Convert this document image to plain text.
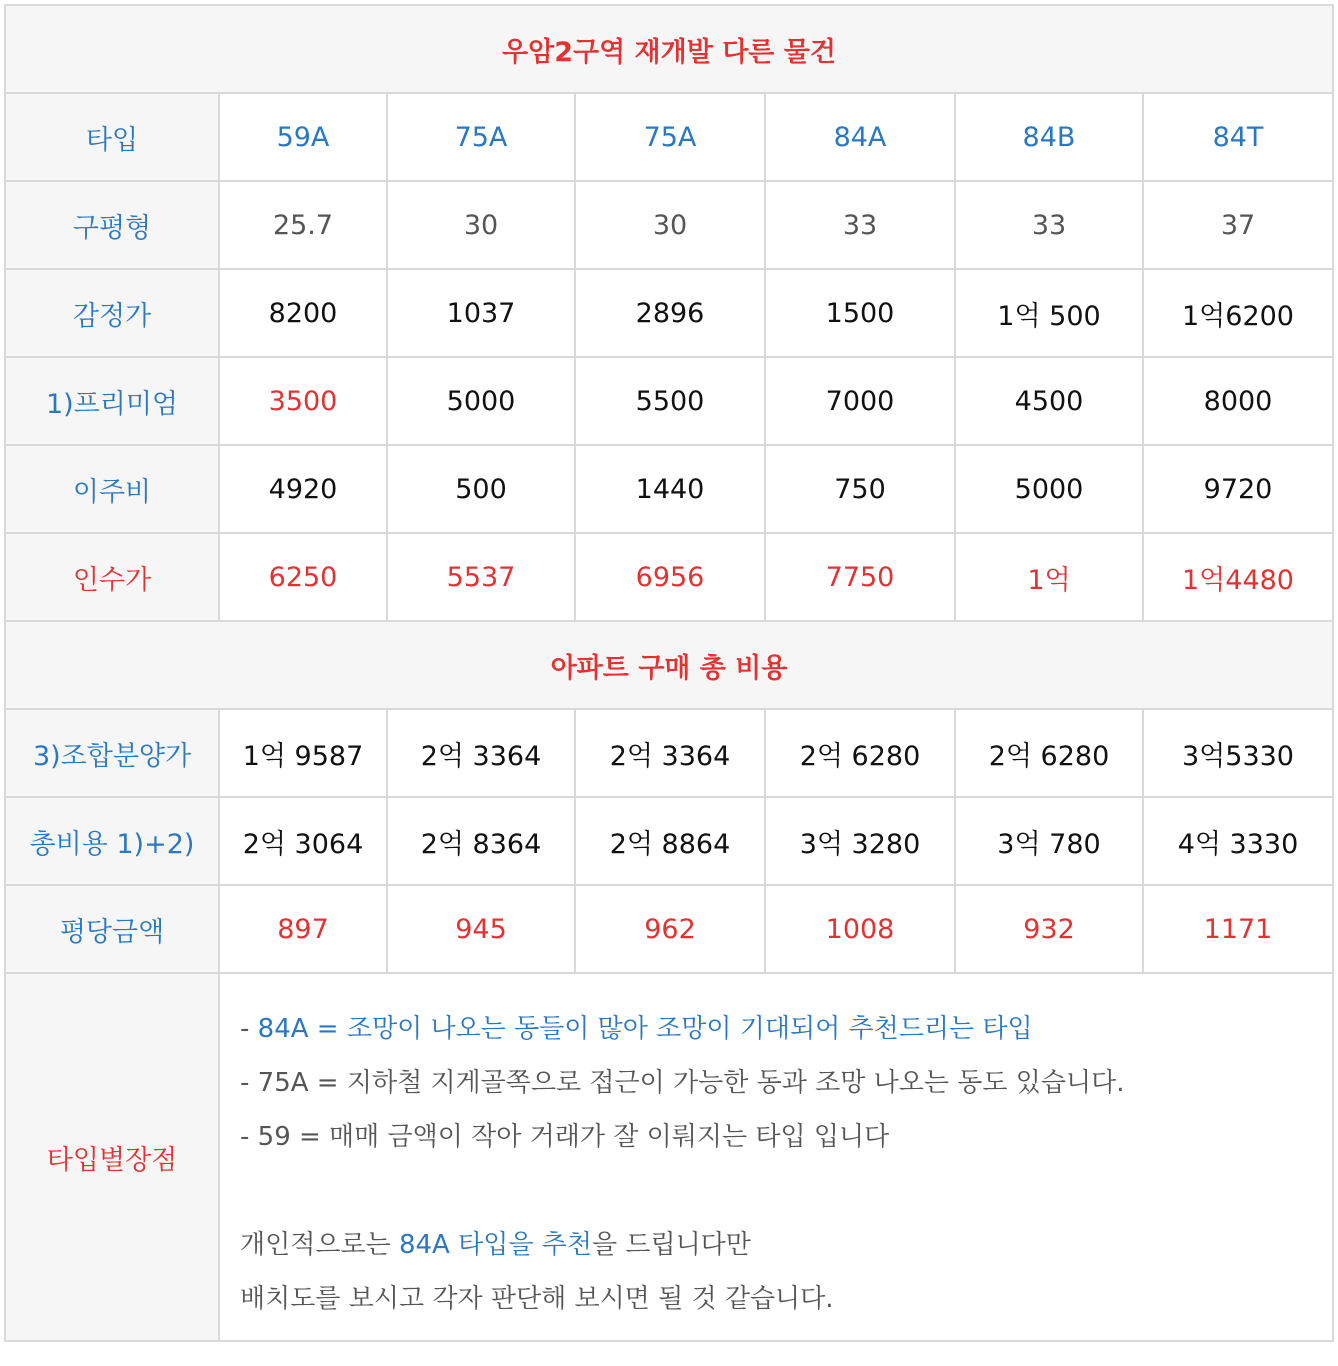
우암2구역 재개발 다른 물건						
타입	59A	75A	75A	84A	84B	84T
구평형	25.7	30	30	33	33	37
감정가	8200	1037	2896	1500	1억 500	1억6200
1)프리미엄	3500	5000	5500	7000	4500	8000
이주비	4920	500	1440	750	5000	9720
인수가	6250	5537	6956	7750	1억	1억4480
아파트 구매 총 비용						
3)조합분양가	1억 9587	2억 3364	2억 3364	2억 6280	2억 6280	3억5330
총비용 1)+2)	2억 3064	2억 8364	2억 8864	3억 3280	3억 780	4억 3330
평당금액	897	945	962	1008	932	1171
타입별장점	- 84A = 조망이 나오는 동들이 많아 조망이 기대되어 추천드리는 타입
- 75A = 지하철 지게골쪽으로 접근이 가능한 동과 조망 나오는 동도 있습니다.
- 59 = 매매 금액이 작아 거래가 잘 이뤄지는 타입 입니다
개인적으로는 84A 타입을 추천을 드립니다만
배치도를 보시고 각자 판단해 보시면 될 것 같습니다.					
